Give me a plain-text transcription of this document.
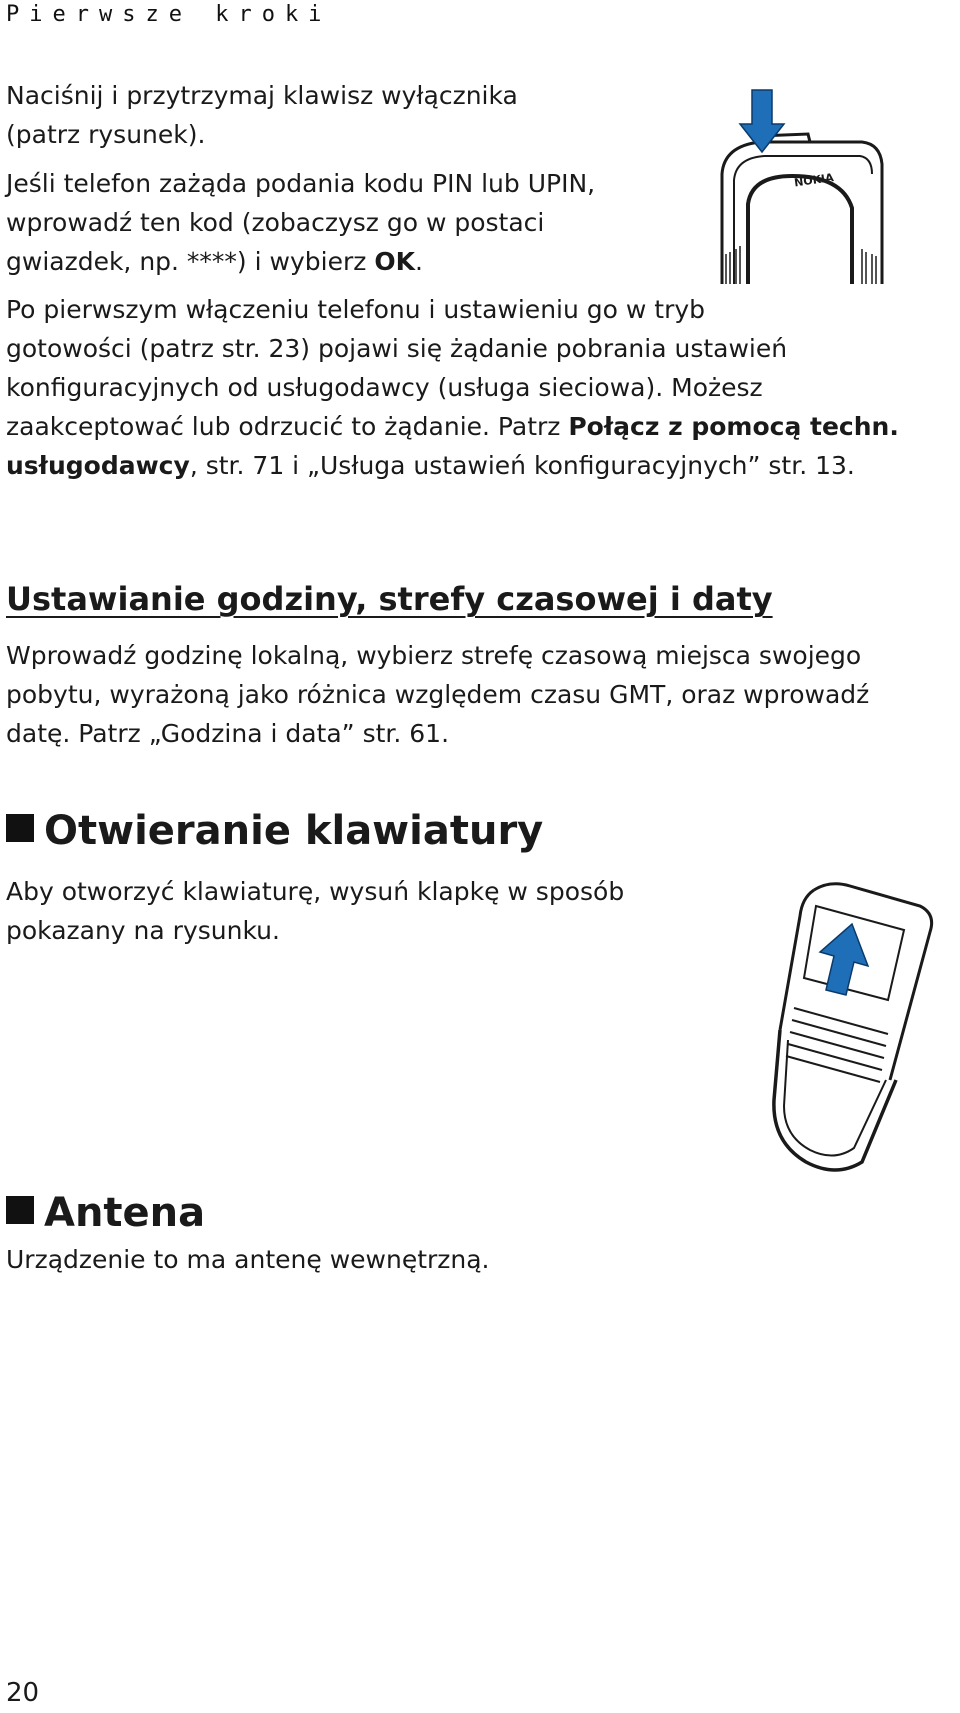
Pierwsze kroki
Naciśnij i przytrzymaj klawisz wyłącznika
(patrz rysunek).
Jeśli telefon zażąda podania kodu PIN lub UPIN,
wprowadź ten kod (zobaczysz go w postaci
gwiazdek, np. ****) i wybierz OK.
Po pierwszym włączeniu telefonu i ustawieniu go w tryb
gotowości (patrz str. 23) pojawi się żądanie pobrania ustawień
konfiguracyjnych od usługodawcy (usługa sieciowa). Możesz
zaakceptować lub odrzucić to żądanie. Patrz Połącz z pomocą techn.
usługodawcy, str. 71 i „Usługa ustawień konfiguracyjnych” str. 13.
NOKIA
Ustawianie godziny, strefy czasowej i daty
Wprowadź godzinę lokalną, wybierz strefę czasową miejsca swojego
pobytu, wyrażoną jako różnica względem czasu GMT, oraz wprowadź
datę. Patrz „Godzina i data” str. 61.
Otwieranie klawiatury
Aby otworzyć klawiaturę, wysuń klapkę w sposób
pokazany na rysunku.
Antena
Urządzenie to ma antenę wewnętrzną.
20
